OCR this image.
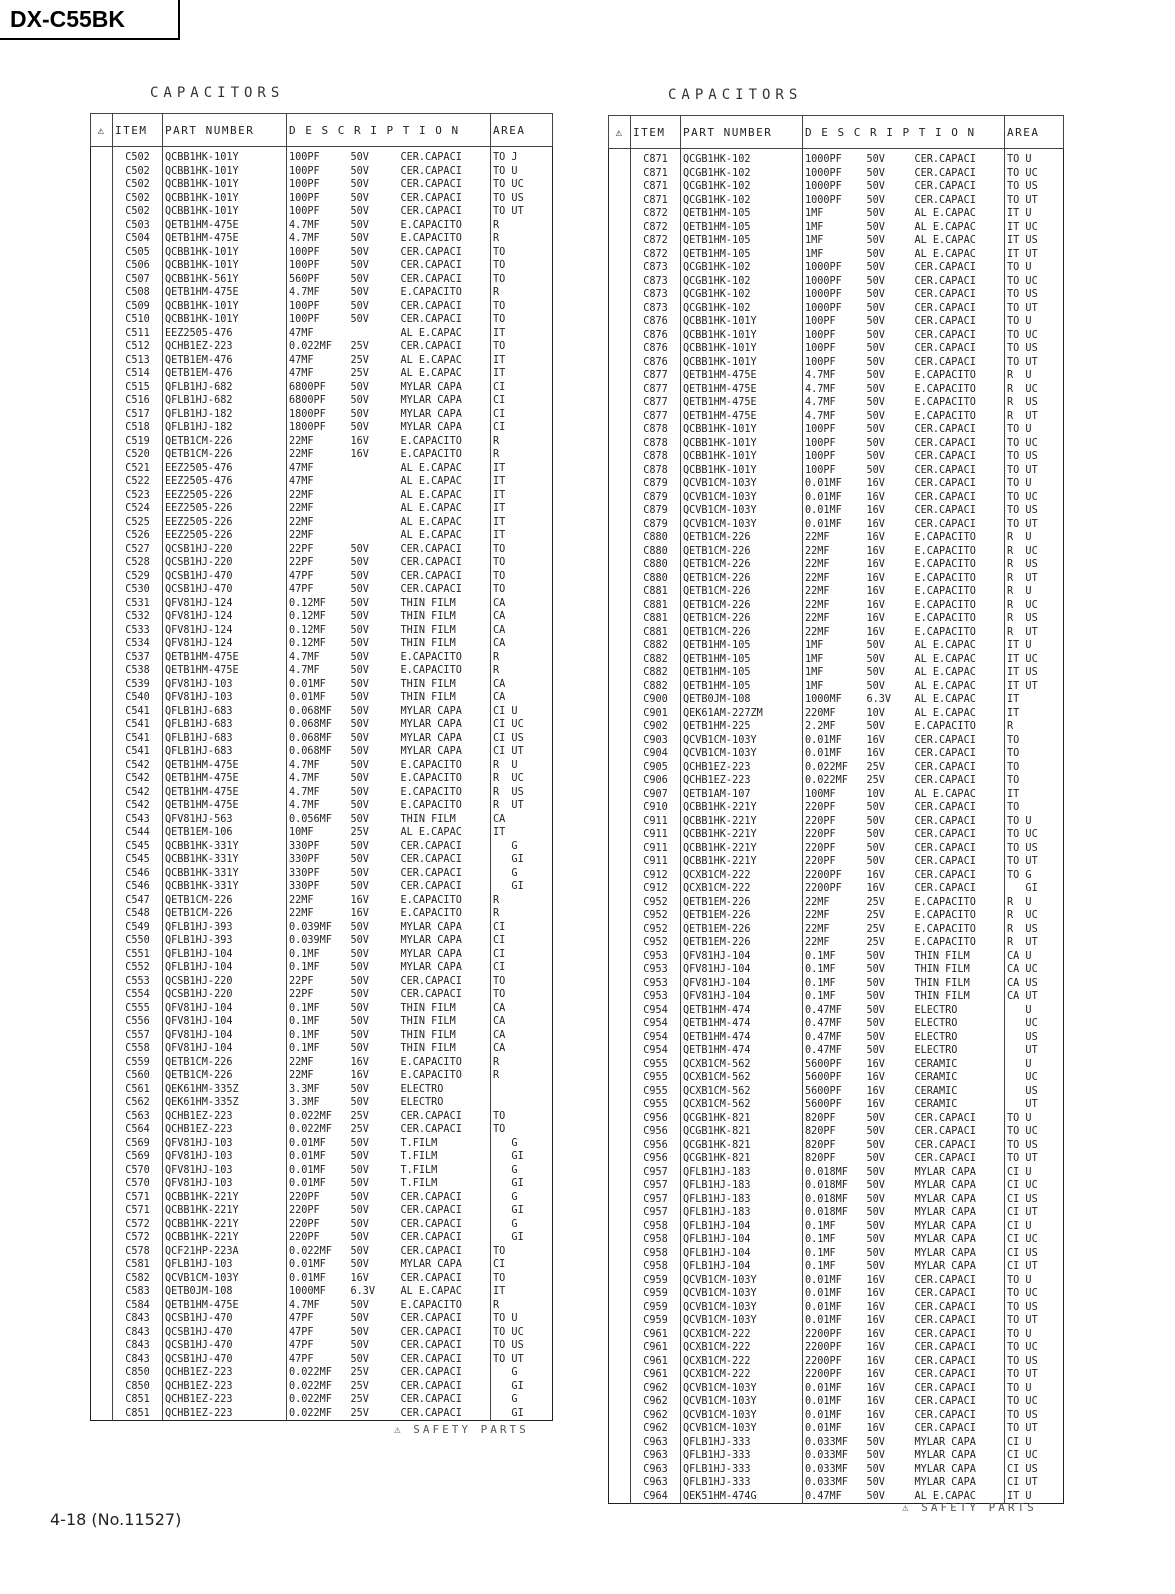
DX-C55BK
CAPACITORS
⚠	ITEM	PART NUMBER	D E S C R I P T I O N			AREA
	C502	QCBB1HK-101Y	100PF	50V	CER.CAPACI	TO J
	C502	QCBB1HK-101Y	100PF	50V	CER.CAPACI	TO U
	C502	QCBB1HK-101Y	100PF	50V	CER.CAPACI	TO UC
	C502	QCBB1HK-101Y	100PF	50V	CER.CAPACI	TO US
	C502	QCBB1HK-101Y	100PF	50V	CER.CAPACI	TO UT
	C503	QETB1HM-475E	4.7MF	50V	E.CAPACITO	R
	C504	QETB1HM-475E	4.7MF	50V	E.CAPACITO	R
	C505	QCBB1HK-101Y	100PF	50V	CER.CAPACI	TO
	C506	QCBB1HK-101Y	100PF	50V	CER.CAPACI	TO
	C507	QCBB1HK-561Y	560PF	50V	CER.CAPACI	TO
	C508	QETB1HM-475E	4.7MF	50V	E.CAPACITO	R
	C509	QCBB1HK-101Y	100PF	50V	CER.CAPACI	TO
	C510	QCBB1HK-101Y	100PF	50V	CER.CAPACI	TO
	C511	EEZ2505-476	47MF		AL E.CAPAC	IT
	C512	QCHB1EZ-223	0.022MF	25V	CER.CAPACI	TO
	C513	QETB1EM-476	47MF	25V	AL E.CAPAC	IT
	C514	QETB1EM-476	47MF	25V	AL E.CAPAC	IT
	C515	QFLB1HJ-682	6800PF	50V	MYLAR CAPA	CI
	C516	QFLB1HJ-682	6800PF	50V	MYLAR CAPA	CI
	C517	QFLB1HJ-182	1800PF	50V	MYLAR CAPA	CI
	C518	QFLB1HJ-182	1800PF	50V	MYLAR CAPA	CI
	C519	QETB1CM-226	22MF	16V	E.CAPACITO	R
	C520	QETB1CM-226	22MF	16V	E.CAPACITO	R
	C521	EEZ2505-476	47MF		AL E.CAPAC	IT
	C522	EEZ2505-476	47MF		AL E.CAPAC	IT
	C523	EEZ2505-226	22MF		AL E.CAPAC	IT
	C524	EEZ2505-226	22MF		AL E.CAPAC	IT
	C525	EEZ2505-226	22MF		AL E.CAPAC	IT
	C526	EEZ2505-226	22MF		AL E.CAPAC	IT
	C527	QCSB1HJ-220	22PF	50V	CER.CAPACI	TO
	C528	QCSB1HJ-220	22PF	50V	CER.CAPACI	TO
	C529	QCSB1HJ-470	47PF	50V	CER.CAPACI	TO
	C530	QCSB1HJ-470	47PF	50V	CER.CAPACI	TO
	C531	QFV81HJ-124	0.12MF	50V	THIN FILM	CA
	C532	QFV81HJ-124	0.12MF	50V	THIN FILM	CA
	C533	QFV81HJ-124	0.12MF	50V	THIN FILM	CA
	C534	QFV81HJ-124	0.12MF	50V	THIN FILM	CA
	C537	QETB1HM-475E	4.7MF	50V	E.CAPACITO	R
	C538	QETB1HM-475E	4.7MF	50V	E.CAPACITO	R
	C539	QFV81HJ-103	0.01MF	50V	THIN FILM	CA
	C540	QFV81HJ-103	0.01MF	50V	THIN FILM	CA
	C541	QFLB1HJ-683	0.068MF	50V	MYLAR CAPA	CI U
	C541	QFLB1HJ-683	0.068MF	50V	MYLAR CAPA	CI UC
	C541	QFLB1HJ-683	0.068MF	50V	MYLAR CAPA	CI US
	C541	QFLB1HJ-683	0.068MF	50V	MYLAR CAPA	CI UT
	C542	QETB1HM-475E	4.7MF	50V	E.CAPACITO	R  U
	C542	QETB1HM-475E	4.7MF	50V	E.CAPACITO	R  UC
	C542	QETB1HM-475E	4.7MF	50V	E.CAPACITO	R  US
	C542	QETB1HM-475E	4.7MF	50V	E.CAPACITO	R  UT
	C543	QFV81HJ-563	0.056MF	50V	THIN FILM	CA
	C544	QETB1EM-106	10MF	25V	AL E.CAPAC	IT
	C545	QCBB1HK-331Y	330PF	50V	CER.CAPACI	G
	C545	QCBB1HK-331Y	330PF	50V	CER.CAPACI	GI
	C546	QCBB1HK-331Y	330PF	50V	CER.CAPACI	G
	C546	QCBB1HK-331Y	330PF	50V	CER.CAPACI	GI
	C547	QETB1CM-226	22MF	16V	E.CAPACITO	R
	C548	QETB1CM-226	22MF	16V	E.CAPACITO	R
	C549	QFLB1HJ-393	0.039MF	50V	MYLAR CAPA	CI
	C550	QFLB1HJ-393	0.039MF	50V	MYLAR CAPA	CI
	C551	QFLB1HJ-104	0.1MF	50V	MYLAR CAPA	CI
	C552	QFLB1HJ-104	0.1MF	50V	MYLAR CAPA	CI
	C553	QCSB1HJ-220	22PF	50V	CER.CAPACI	TO
	C554	QCSB1HJ-220	22PF	50V	CER.CAPACI	TO
	C555	QFV81HJ-104	0.1MF	50V	THIN FILM	CA
	C556	QFV81HJ-104	0.1MF	50V	THIN FILM	CA
	C557	QFV81HJ-104	0.1MF	50V	THIN FILM	CA
	C558	QFV81HJ-104	0.1MF	50V	THIN FILM	CA
	C559	QETB1CM-226	22MF	16V	E.CAPACITO	R
	C560	QETB1CM-226	22MF	16V	E.CAPACITO	R
	C561	QEK61HM-335Z	3.3MF	50V	ELECTRO	
	C562	QEK61HM-335Z	3.3MF	50V	ELECTRO	
	C563	QCHB1EZ-223	0.022MF	25V	CER.CAPACI	TO
	C564	QCHB1EZ-223	0.022MF	25V	CER.CAPACI	TO
	C569	QFV81HJ-103	0.01MF	50V	T.FILM	G
	C569	QFV81HJ-103	0.01MF	50V	T.FILM	GI
	C570	QFV81HJ-103	0.01MF	50V	T.FILM	G
	C570	QFV81HJ-103	0.01MF	50V	T.FILM	GI
	C571	QCBB1HK-221Y	220PF	50V	CER.CAPACI	G
	C571	QCBB1HK-221Y	220PF	50V	CER.CAPACI	GI
	C572	QCBB1HK-221Y	220PF	50V	CER.CAPACI	G
	C572	QCBB1HK-221Y	220PF	50V	CER.CAPACI	GI
	C578	QCF21HP-223A	0.022MF	50V	CER.CAPACI	TO
	C581	QFLB1HJ-103	0.01MF	50V	MYLAR CAPA	CI
	C582	QCVB1CM-103Y	0.01MF	16V	CER.CAPACI	TO
	C583	QETB0JM-108	1000MF	6.3V	AL E.CAPAC	IT
	C584	QETB1HM-475E	4.7MF	50V	E.CAPACITO	R
	C843	QCSB1HJ-470	47PF	50V	CER.CAPACI	TO U
	C843	QCSB1HJ-470	47PF	50V	CER.CAPACI	TO UC
	C843	QCSB1HJ-470	47PF	50V	CER.CAPACI	TO US
	C843	QCSB1HJ-470	47PF	50V	CER.CAPACI	TO UT
	C850	QCHB1EZ-223	0.022MF	25V	CER.CAPACI	G
	C850	QCHB1EZ-223	0.022MF	25V	CER.CAPACI	GI
	C851	QCHB1EZ-223	0.022MF	25V	CER.CAPACI	G
	C851	QCHB1EZ-223	0.022MF	25V	CER.CAPACI	GI
⚠ SAFETY PARTS
CAPACITORS
⚠	ITEM	PART NUMBER	D E S C R I P T I O N			AREA
	C871	QCGB1HK-102	1000PF	50V	CER.CAPACI	TO U
	C871	QCGB1HK-102	1000PF	50V	CER.CAPACI	TO UC
	C871	QCGB1HK-102	1000PF	50V	CER.CAPACI	TO US
	C871	QCGB1HK-102	1000PF	50V	CER.CAPACI	TO UT
	C872	QETB1HM-105	1MF	50V	AL E.CAPAC	IT U
	C872	QETB1HM-105	1MF	50V	AL E.CAPAC	IT UC
	C872	QETB1HM-105	1MF	50V	AL E.CAPAC	IT US
	C872	QETB1HM-105	1MF	50V	AL E.CAPAC	IT UT
	C873	QCGB1HK-102	1000PF	50V	CER.CAPACI	TO U
	C873	QCGB1HK-102	1000PF	50V	CER.CAPACI	TO UC
	C873	QCGB1HK-102	1000PF	50V	CER.CAPACI	TO US
	C873	QCGB1HK-102	1000PF	50V	CER.CAPACI	TO UT
	C876	QCBB1HK-101Y	100PF	50V	CER.CAPACI	TO U
	C876	QCBB1HK-101Y	100PF	50V	CER.CAPACI	TO UC
	C876	QCBB1HK-101Y	100PF	50V	CER.CAPACI	TO US
	C876	QCBB1HK-101Y	100PF	50V	CER.CAPACI	TO UT
	C877	QETB1HM-475E	4.7MF	50V	E.CAPACITO	R  U
	C877	QETB1HM-475E	4.7MF	50V	E.CAPACITO	R  UC
	C877	QETB1HM-475E	4.7MF	50V	E.CAPACITO	R  US
	C877	QETB1HM-475E	4.7MF	50V	E.CAPACITO	R  UT
	C878	QCBB1HK-101Y	100PF	50V	CER.CAPACI	TO U
	C878	QCBB1HK-101Y	100PF	50V	CER.CAPACI	TO UC
	C878	QCBB1HK-101Y	100PF	50V	CER.CAPACI	TO US
	C878	QCBB1HK-101Y	100PF	50V	CER.CAPACI	TO UT
	C879	QCVB1CM-103Y	0.01MF	16V	CER.CAPACI	TO U
	C879	QCVB1CM-103Y	0.01MF	16V	CER.CAPACI	TO UC
	C879	QCVB1CM-103Y	0.01MF	16V	CER.CAPACI	TO US
	C879	QCVB1CM-103Y	0.01MF	16V	CER.CAPACI	TO UT
	C880	QETB1CM-226	22MF	16V	E.CAPACITO	R  U
	C880	QETB1CM-226	22MF	16V	E.CAPACITO	R  UC
	C880	QETB1CM-226	22MF	16V	E.CAPACITO	R  US
	C880	QETB1CM-226	22MF	16V	E.CAPACITO	R  UT
	C881	QETB1CM-226	22MF	16V	E.CAPACITO	R  U
	C881	QETB1CM-226	22MF	16V	E.CAPACITO	R  UC
	C881	QETB1CM-226	22MF	16V	E.CAPACITO	R  US
	C881	QETB1CM-226	22MF	16V	E.CAPACITO	R  UT
	C882	QETB1HM-105	1MF	50V	AL E.CAPAC	IT U
	C882	QETB1HM-105	1MF	50V	AL E.CAPAC	IT UC
	C882	QETB1HM-105	1MF	50V	AL E.CAPAC	IT US
	C882	QETB1HM-105	1MF	50V	AL E.CAPAC	IT UT
	C900	QETB0JM-108	1000MF	6.3V	AL E.CAPAC	IT
	C901	QEK61AM-227ZM	220MF	10V	AL E.CAPAC	IT
	C902	QETB1HM-225	2.2MF	50V	E.CAPACITO	R
	C903	QCVB1CM-103Y	0.01MF	16V	CER.CAPACI	TO
	C904	QCVB1CM-103Y	0.01MF	16V	CER.CAPACI	TO
	C905	QCHB1EZ-223	0.022MF	25V	CER.CAPACI	TO
	C906	QCHB1EZ-223	0.022MF	25V	CER.CAPACI	TO
	C907	QETB1AM-107	100MF	10V	AL E.CAPAC	IT
	C910	QCBB1HK-221Y	220PF	50V	CER.CAPACI	TO
	C911	QCBB1HK-221Y	220PF	50V	CER.CAPACI	TO U
	C911	QCBB1HK-221Y	220PF	50V	CER.CAPACI	TO UC
	C911	QCBB1HK-221Y	220PF	50V	CER.CAPACI	TO US
	C911	QCBB1HK-221Y	220PF	50V	CER.CAPACI	TO UT
	C912	QCXB1CM-222	2200PF	16V	CER.CAPACI	TO G
	C912	QCXB1CM-222	2200PF	16V	CER.CAPACI	GI
	C952	QETB1EM-226	22MF	25V	E.CAPACITO	R  U
	C952	QETB1EM-226	22MF	25V	E.CAPACITO	R  UC
	C952	QETB1EM-226	22MF	25V	E.CAPACITO	R  US
	C952	QETB1EM-226	22MF	25V	E.CAPACITO	R  UT
	C953	QFV81HJ-104	0.1MF	50V	THIN FILM	CA U
	C953	QFV81HJ-104	0.1MF	50V	THIN FILM	CA UC
	C953	QFV81HJ-104	0.1MF	50V	THIN FILM	CA US
	C953	QFV81HJ-104	0.1MF	50V	THIN FILM	CA UT
	C954	QETB1HM-474	0.47MF	50V	ELECTRO	U
	C954	QETB1HM-474	0.47MF	50V	ELECTRO	UC
	C954	QETB1HM-474	0.47MF	50V	ELECTRO	US
	C954	QETB1HM-474	0.47MF	50V	ELECTRO	UT
	C955	QCXB1CM-562	5600PF	16V	CERAMIC	U
	C955	QCXB1CM-562	5600PF	16V	CERAMIC	UC
	C955	QCXB1CM-562	5600PF	16V	CERAMIC	US
	C955	QCXB1CM-562	5600PF	16V	CERAMIC	UT
	C956	QCGB1HK-821	820PF	50V	CER.CAPACI	TO U
	C956	QCGB1HK-821	820PF	50V	CER.CAPACI	TO UC
	C956	QCGB1HK-821	820PF	50V	CER.CAPACI	TO US
	C956	QCGB1HK-821	820PF	50V	CER.CAPACI	TO UT
	C957	QFLB1HJ-183	0.018MF	50V	MYLAR CAPA	CI U
	C957	QFLB1HJ-183	0.018MF	50V	MYLAR CAPA	CI UC
	C957	QFLB1HJ-183	0.018MF	50V	MYLAR CAPA	CI US
	C957	QFLB1HJ-183	0.018MF	50V	MYLAR CAPA	CI UT
	C958	QFLB1HJ-104	0.1MF	50V	MYLAR CAPA	CI U
	C958	QFLB1HJ-104	0.1MF	50V	MYLAR CAPA	CI UC
	C958	QFLB1HJ-104	0.1MF	50V	MYLAR CAPA	CI US
	C958	QFLB1HJ-104	0.1MF	50V	MYLAR CAPA	CI UT
	C959	QCVB1CM-103Y	0.01MF	16V	CER.CAPACI	TO U
	C959	QCVB1CM-103Y	0.01MF	16V	CER.CAPACI	TO UC
	C959	QCVB1CM-103Y	0.01MF	16V	CER.CAPACI	TO US
	C959	QCVB1CM-103Y	0.01MF	16V	CER.CAPACI	TO UT
	C961	QCXB1CM-222	2200PF	16V	CER.CAPACI	TO U
	C961	QCXB1CM-222	2200PF	16V	CER.CAPACI	TO UC
	C961	QCXB1CM-222	2200PF	16V	CER.CAPACI	TO US
	C961	QCXB1CM-222	2200PF	16V	CER.CAPACI	TO UT
	C962	QCVB1CM-103Y	0.01MF	16V	CER.CAPACI	TO U
	C962	QCVB1CM-103Y	0.01MF	16V	CER.CAPACI	TO UC
	C962	QCVB1CM-103Y	0.01MF	16V	CER.CAPACI	TO US
	C962	QCVB1CM-103Y	0.01MF	16V	CER.CAPACI	TO UT
	C963	QFLB1HJ-333	0.033MF	50V	MYLAR CAPA	CI U
	C963	QFLB1HJ-333	0.033MF	50V	MYLAR CAPA	CI UC
	C963	QFLB1HJ-333	0.033MF	50V	MYLAR CAPA	CI US
	C963	QFLB1HJ-333	0.033MF	50V	MYLAR CAPA	CI UT
	C964	QEK51HM-474G	0.47MF	50V	AL E.CAPAC	IT U
⚠ SAFETY PARTS
4-18 (No.11527)
